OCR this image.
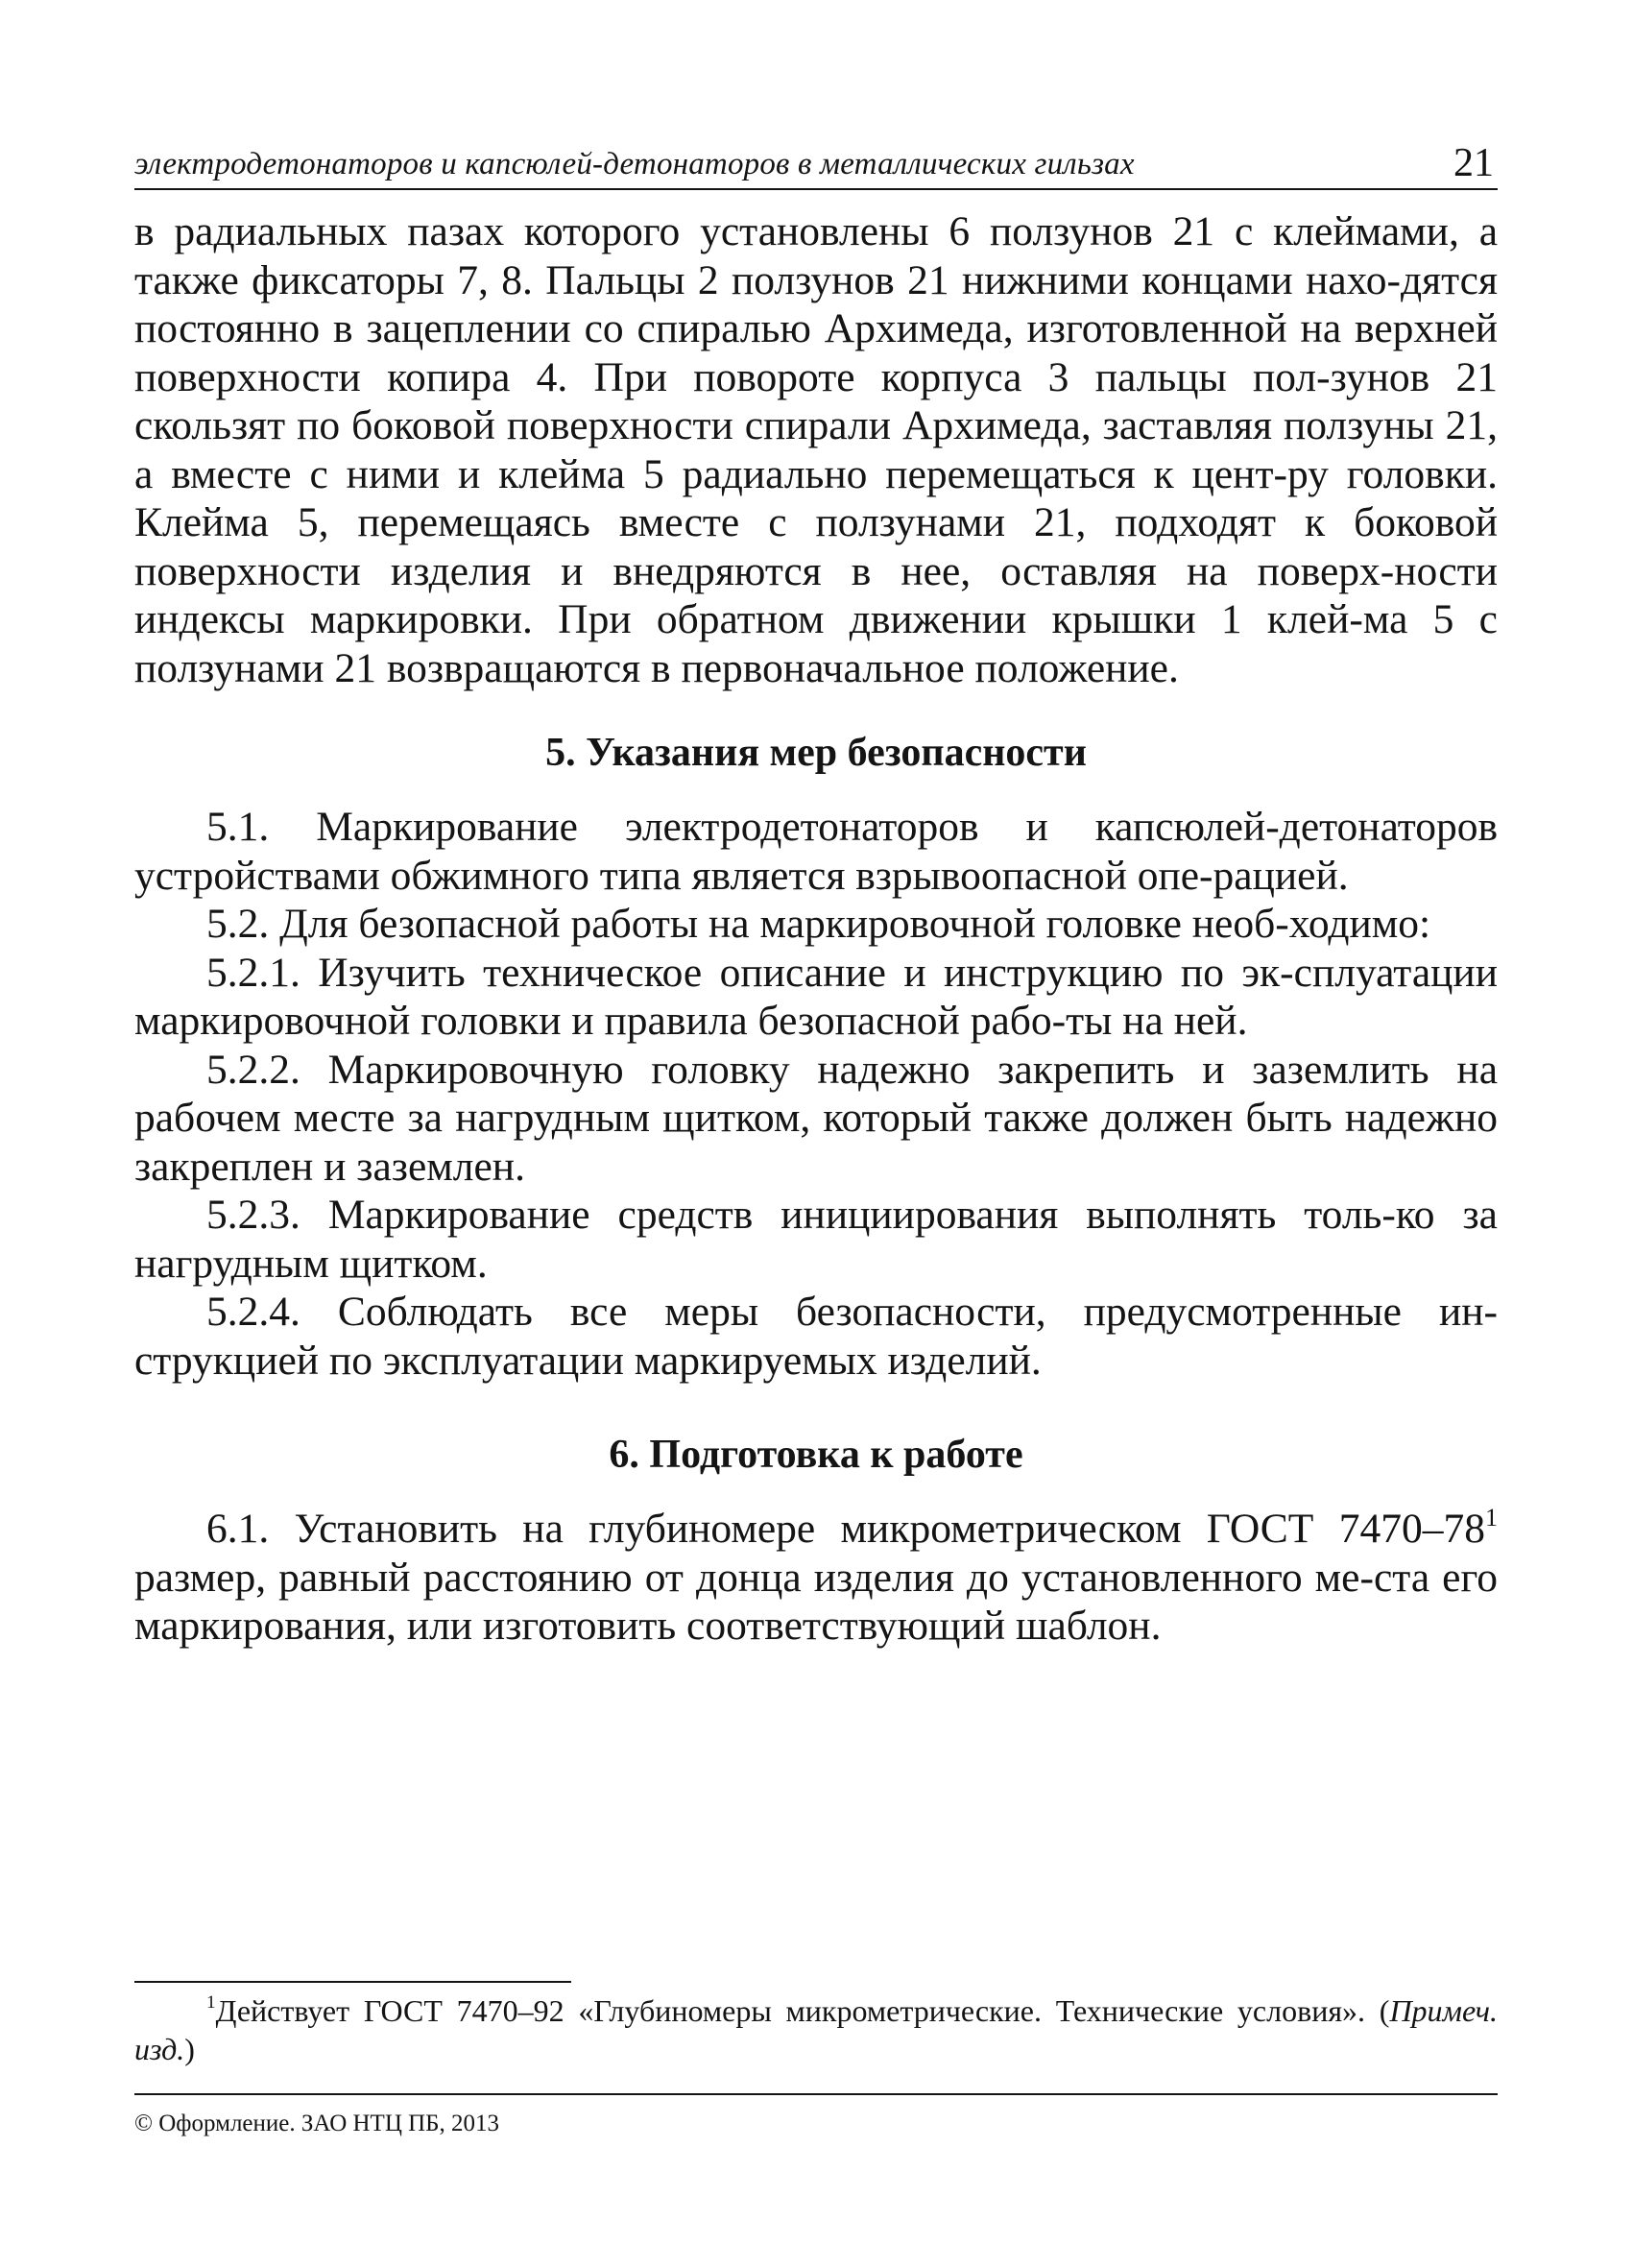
электродетонаторов и капсюлей-детонаторов в металлических гильзах	21

в радиальных пазах которого установлены 6 ползунов 21 с клеймами, а также фиксаторы 7, 8. Пальцы 2 ползунов 21 нижними концами нахо-дятся постоянно в зацеплении со спиралью Архимеда, изготовленной на верхней поверхности копира 4. При повороте корпуса 3 пальцы пол-зунов 21 скользят по боковой поверхности спирали Архимеда, заставляя ползуны 21, а вместе с ними и клейма 5 радиально перемещаться к цент-ру головки. Клейма 5, перемещаясь вместе с ползунами 21, подходят к боковой поверхности изделия и внедряются в нее, оставляя на поверх-ности индексы маркировки. При обратном движении крышки 1 клей-ма 5 с ползунами 21 возвращаются в первоначальное положение.

5. Указания мер безопасности

5.1. Маркирование электродетонаторов и капсюлей-детонаторов устройствами обжимного типа является взрывоопасной опе-рацией.

5.2. Для безопасной работы на маркировочной головке необ-ходимо:

5.2.1. Изучить техническое описание и инструкцию по эк-сплуатации маркировочной головки и правила безопасной рабо-ты на ней.

5.2.2. Маркировочную головку надежно закрепить и заземлить на рабочем месте за нагрудным щитком, который также должен быть надежно закреплен и заземлен.

5.2.3. Маркирование средств инициирования выполнять толь-ко за нагрудным щитком.

5.2.4. Соблюдать все меры безопасности, предусмотренные ин-струкцией по эксплуатации маркируемых изделий.

6. Подготовка к работе

6.1. Установить на глубиномере микрометрическом ГОСТ $7470-78^1$ размер, равный расстоянию от донца изделия до установленного ме-ста его маркирования, или изготовить соответствующий шаблон.

$^1$Действует ГОСТ 7470–92 «Глубиномеры микрометрические. Технические условия». (Примеч. изд.)
© Оформление. ЗАО НТЦ ПБ, 2013
